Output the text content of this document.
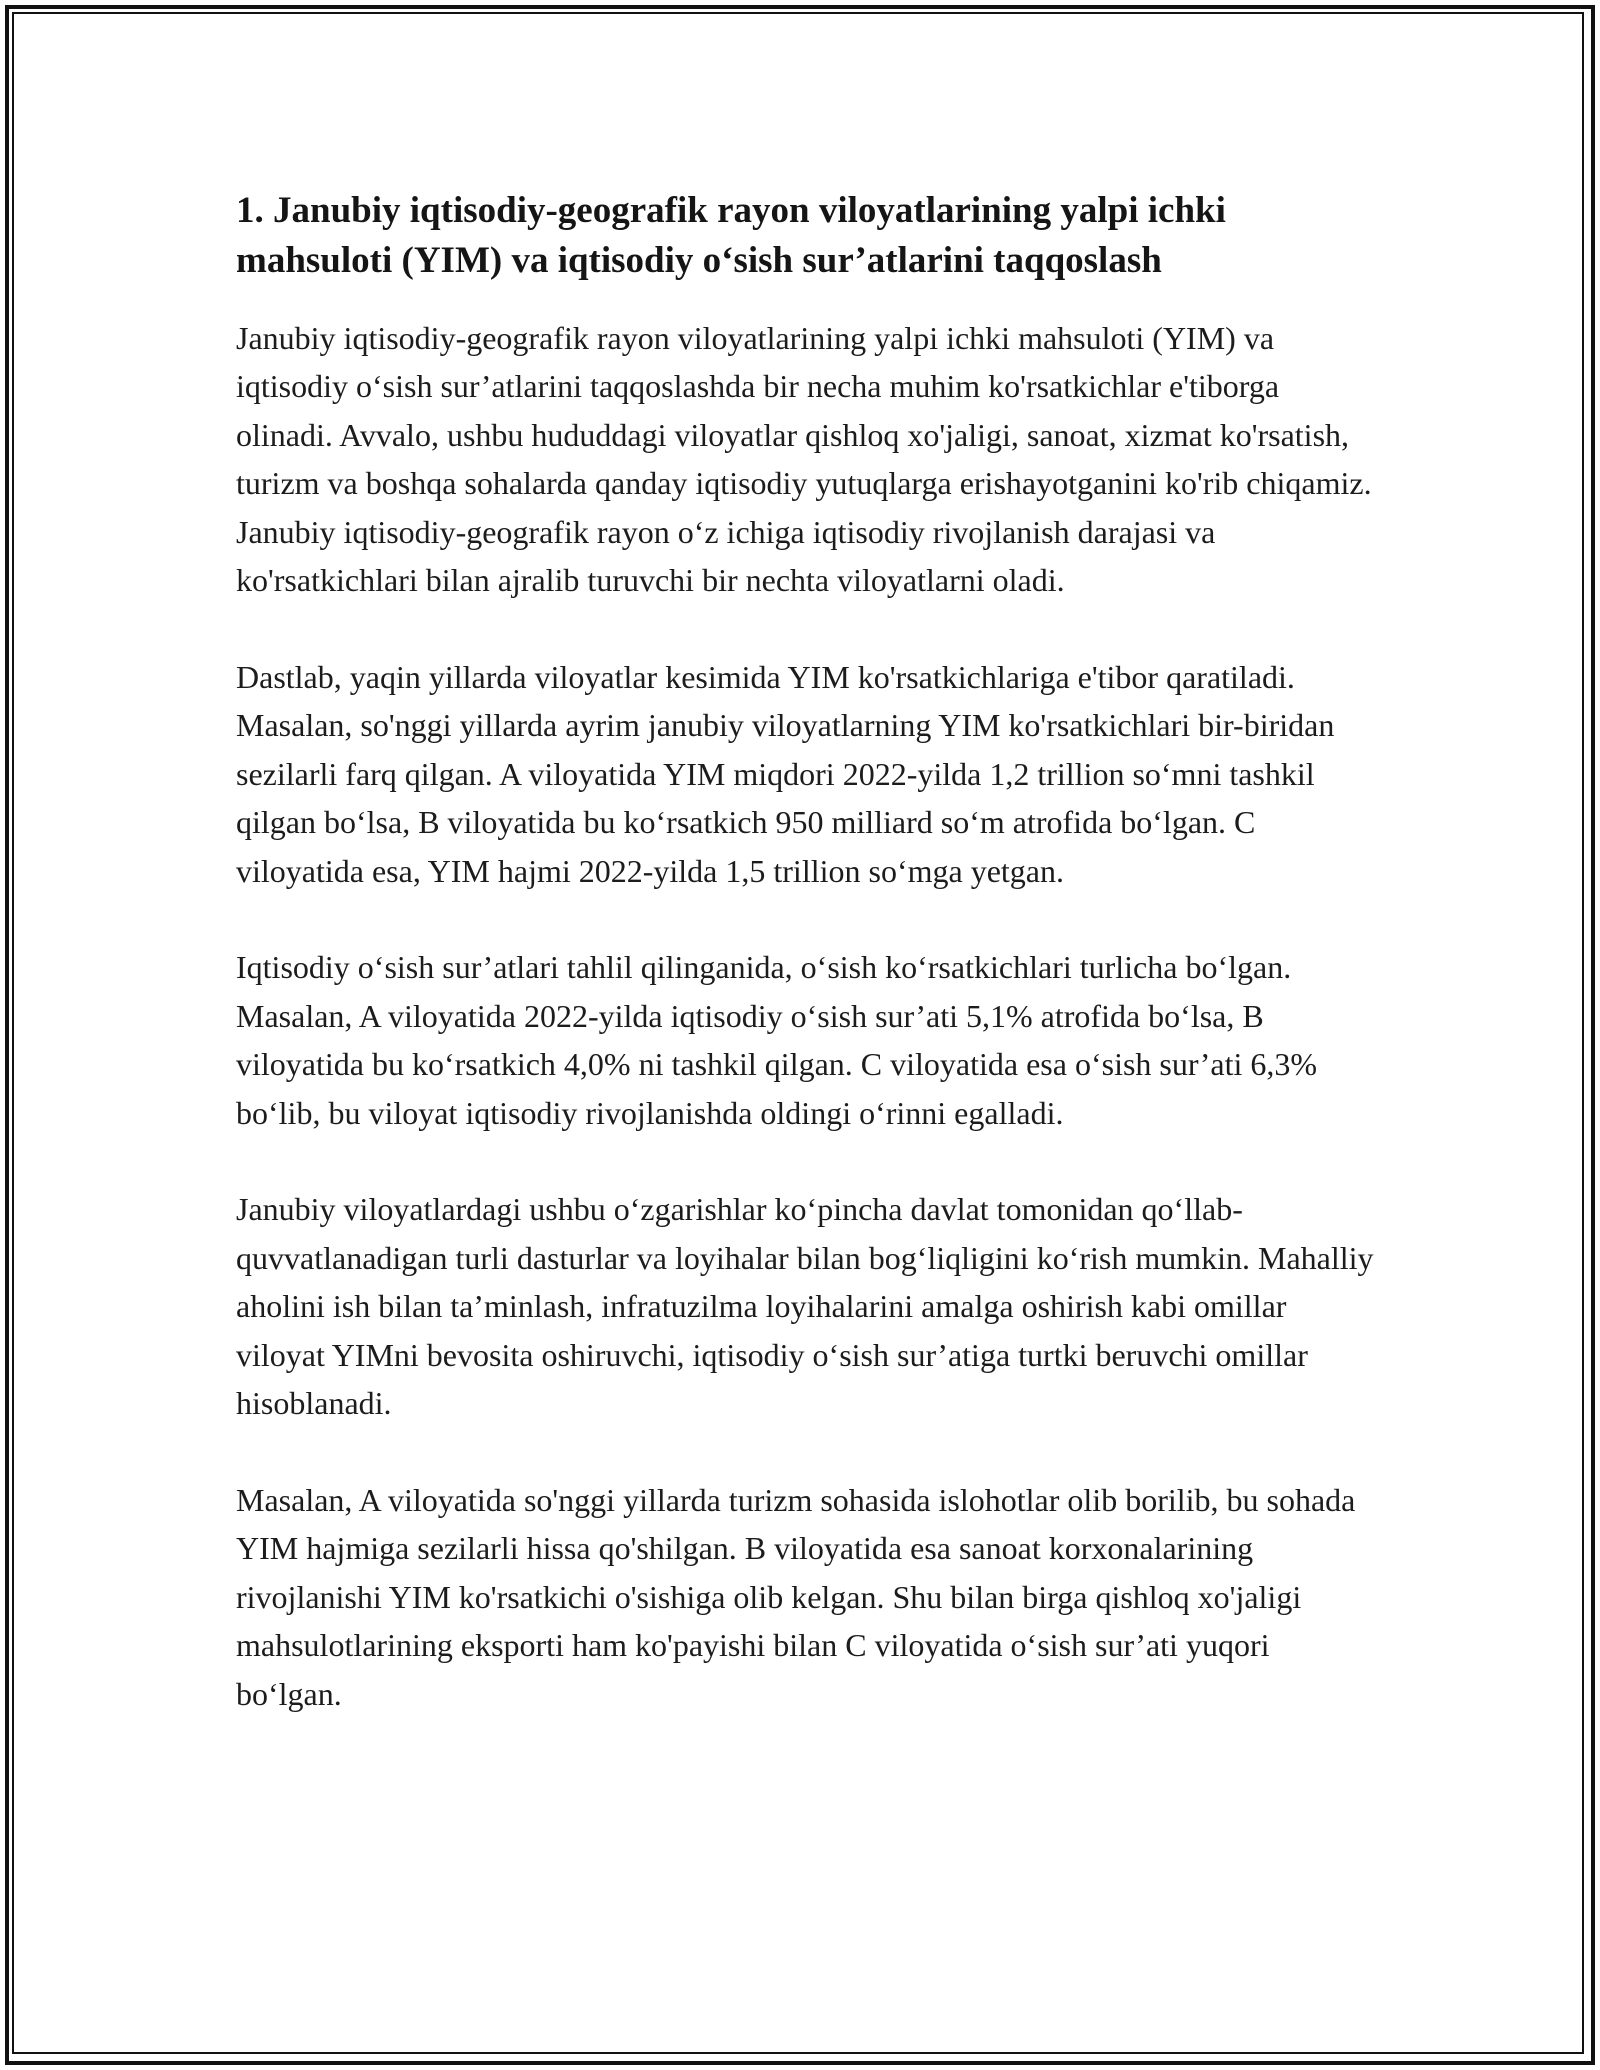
1. Janubiy iqtisodiy-geografik rayon viloyatlarining yalpi ichki mahsuloti (YIM) va iqtisodiy o‘sish sur’atlarini taqqoslash

Janubiy iqtisodiy-geografik rayon viloyatlarining yalpi ichki mahsuloti (YIM) va iqtisodiy o‘sish sur’atlarini taqqoslashda bir necha muhim ko'rsatkichlar e'tiborga olinadi. Avvalo, ushbu hududdagi viloyatlar qishloq xo'jaligi, sanoat, xizmat ko'rsatish, turizm va boshqa sohalarda qanday iqtisodiy yutuqlarga erishayotganini ko'rib chiqamiz. Janubiy iqtisodiy-geografik rayon o‘z ichiga iqtisodiy rivojlanish darajasi va ko'rsatkichlari bilan ajralib turuvchi bir nechta viloyatlarni oladi.

Dastlab, yaqin yillarda viloyatlar kesimida YIM ko'rsatkichlariga e'tibor qaratiladi. Masalan, so'nggi yillarda ayrim janubiy viloyatlarning YIM ko'rsatkichlari bir-biridan sezilarli farq qilgan. A viloyatida YIM miqdori 2022-yilda 1,2 trillion so‘mni tashkil qilgan bo‘lsa, B viloyatida bu ko‘rsatkich 950 milliard so‘m atrofida bo‘lgan. C viloyatida esa, YIM hajmi 2022-yilda 1,5 trillion so‘mga yetgan.

Iqtisodiy o‘sish sur’atlari tahlil qilinganida, o‘sish ko‘rsatkichlari turlicha bo‘lgan. Masalan, A viloyatida 2022-yilda iqtisodiy o‘sish sur’ati 5,1% atrofida bo‘lsa, B viloyatida bu ko‘rsatkich 4,0% ni tashkil qilgan. C viloyatida esa o‘sish sur’ati 6,3% bo‘lib, bu viloyat iqtisodiy rivojlanishda oldingi o‘rinni egalladi.

Janubiy viloyatlardagi ushbu o‘zgarishlar ko‘pincha davlat tomonidan qo‘llab-quvvatlanadigan turli dasturlar va loyihalar bilan bog‘liqligini ko‘rish mumkin. Mahalliy aholini ish bilan ta’minlash, infratuzilma loyihalarini amalga oshirish kabi omillar viloyat YIMni bevosita oshiruvchi, iqtisodiy o‘sish sur’atiga turtki beruvchi omillar hisoblanadi.

Masalan, A viloyatida so'nggi yillarda turizm sohasida islohotlar olib borilib, bu sohada YIM hajmiga sezilarli hissa qo'shilgan. B viloyatida esa sanoat korxonalarining rivojlanishi YIM ko'rsatkichi o'sishiga olib kelgan. Shu bilan birga qishloq xo'jaligi mahsulotlarining eksporti ham ko'payishi bilan C viloyatida o‘sish sur’ati yuqori bo‘lgan.
